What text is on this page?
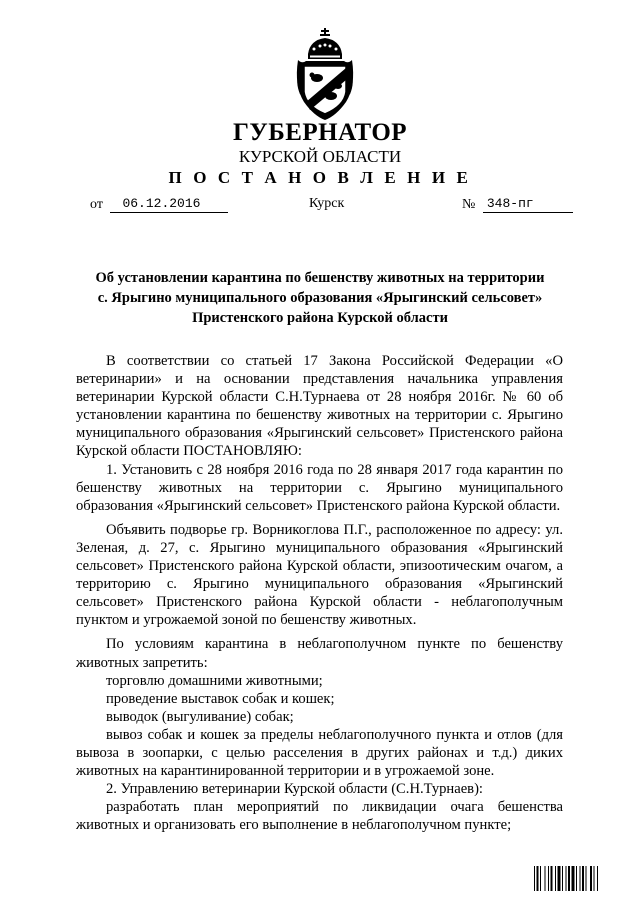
ГУБЕРНАТОР
КУРСКОЙ ОБЛАСТИ
П О С Т А Н О В Л Е Н И Е
от 06.12.2016	Курск	№ 348-пг
Об установлении карантина по бешенству животных на территории
с. Ярыгино муниципального образования «Ярыгинский сельсовет»
Пристенского района Курской области

В соответствии со статьей 17 Закона Российской Федерации «О ветеринарии» и на основании представления начальника управления ветеринарии Курской области С.Н.Турнаева от 28 ноября 2016г. № 60 об установлении карантина по бешенству животных на территории с. Ярыгино муниципального образования «Ярыгинский сельсовет» Пристенского района Курской области ПОСТАНОВЛЯЮ:

1. Установить с 28 ноября 2016 года по 28 января 2017 года карантин по бешенству животных на территории с. Ярыгино муниципального образования «Ярыгинский сельсовет» Пристенского района Курской области.

Объявить подворье гр. Ворникоглова П.Г., расположенное по адресу: ул. Зеленая, д. 27, с. Ярыгино муниципального образования «Ярыгинский сельсовет» Пристенского района Курской области, эпизоотическим очагом, а территорию с. Ярыгино муниципального образования «Ярыгинский сельсовет» Пристенского района Курской области - неблагополучным пунктом и угрожаемой зоной по бешенству животных.

По условиям карантина в неблагополучном пункте по бешенству животных запретить:

торговлю домашними животными;

проведение выставок собак и кошек;

выводок (выгуливание) собак;

вывоз собак и кошек за пределы неблагополучного пункта и отлов (для вывоза в зоопарки, с целью расселения в других районах и т.д.) диких животных на карантинированной территории и в угрожаемой зоне.

2. Управлению ветеринарии Курской области (С.Н.Турнаев):

разработать план мероприятий по ликвидации очага бешенства животных и организовать его выполнение в неблагополучном пункте;
